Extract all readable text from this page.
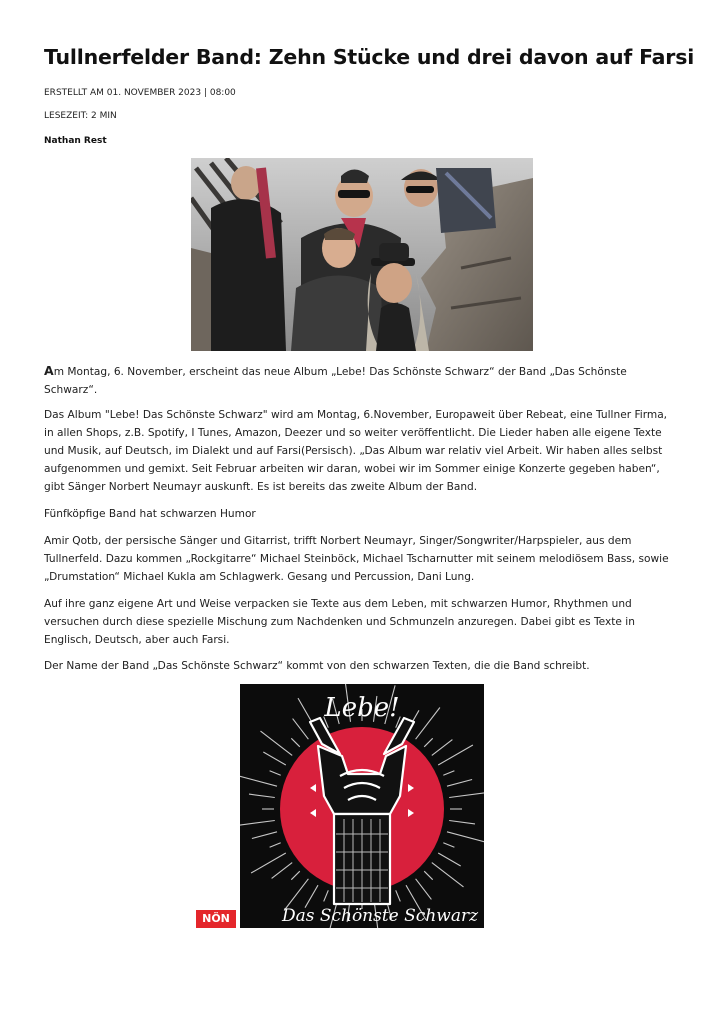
Tullnerfelder Band: Zehn Stücke und drei davon auf Farsi
ERSTELLT AM 01. NOVEMBER 2023 | 08:00
LESEZEIT: 2 MIN
Nathan Rest

Am Montag, 6. November, erscheint das neue Album „Lebe! Das Schönste Schwarz“ der Band „Das Schönste Schwarz“.

Das Album "Lebe! Das Schönste Schwarz" wird am Montag, 6.November, Europaweit über Rebeat, eine Tullner Firma, in allen Shops, z.B. Spotify, I Tunes, Amazon, Deezer und so weiter veröffentlicht. Die Lieder haben alle eigene Texte und Musik, auf Deutsch, im Dialekt und auf Farsi(Persisch). „Das Album war relativ viel Arbeit. Wir haben alles selbst aufgenommen und gemixt. Seit Februar arbeiten wir daran, wobei wir im Sommer einige Konzerte gegeben haben“, gibt Sänger Norbert Neumayr auskunft. Es ist bereits das zweite Album der Band.

Fünfköpfige Band hat schwarzen Humor

Amir Qotb, der persische Sänger und Gitarrist, trifft Norbert Neumayr, Singer/Songwriter/Harpspieler, aus dem Tullnerfeld. Dazu kommen „Rockgitarre“ Michael Steinböck, Michael Tscharnutter mit seinem melodiösem Bass, sowie „Drumstation“ Michael Kukla am Schlagwerk. Gesang und Percussion, Dani Lung.

Auf ihre ganz eigene Art und Weise verpacken sie Texte aus dem Leben, mit schwarzen Humor, Rhythmen und versuchen durch diese spezielle Mischung zum Nachdenken und Schmunzeln anzuregen. Dabei gibt es Texte in Englisch, Deutsch, aber auch Farsi.

Der Name der Band „Das Schönste Schwarz“ kommt von den schwarzen Texten, die die Band schreibt.

Lebe!
Das Schönste Schwarz
NÖN
